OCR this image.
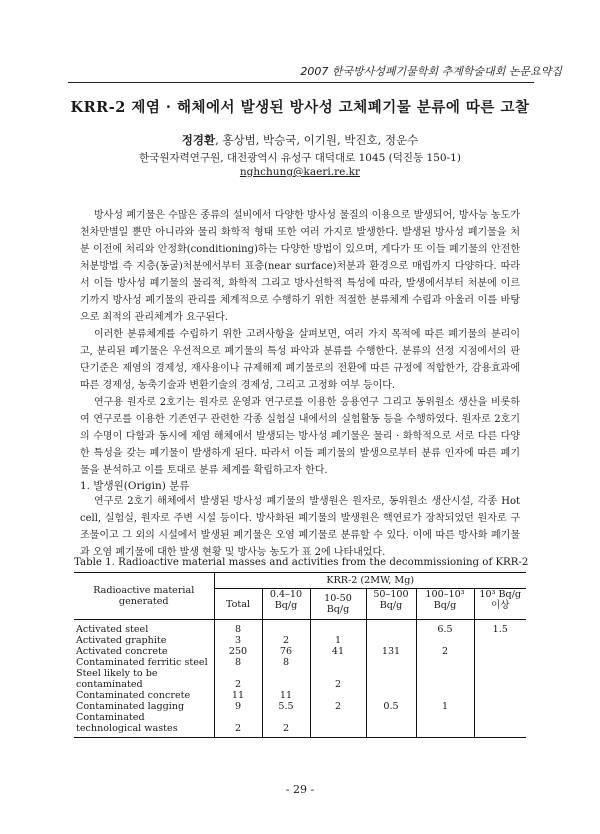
2007 한국방사성폐기물학회 추계학술대회 논문요약집
KRR-2 제염 · 해체에서 발생된 방사성 고체폐기물 분류에 따른 고찰
정경환, 홍상범, 박승국, 이기원, 박진호, 정운수
한국원자력연구원, 대전광역시 유성구 대덕대로 1045 (덕진동 150-1)
nghchung@kaeri.re.kr

방사성 폐기물은 수많은 종류의 설비에서 다양한 방사성 물질의 이용으로 발생되어, 방사능 농도가 천차만별일 뿐만 아니라와 물리 화학적 형태 또한 여러 가지로 발생한다. 발생된 방사성 폐기물을 처분 이전에 처리와 안정화(conditioning)하는 다양한 방법이 있으며, 게다가 또 이들 폐기물의 안전한 처분방법 즉 지층(동굴)처분에서부터 표층(near surface)처분과 환경으로 매립까지 다양하다. 따라서 이들 방사성 폐기물의 물리적, 화학적 그리고 방사선학적 특성에 따라, 발생에서부터 처분에 이르기까지 방사성 폐기물의 관리를 체계적으로 수행하기 위한 적절한 분류체계 수립과 아울러 이를 바탕으로 최적의 관리체계가 요구된다.

이러한 분류체계를 수립하기 위한 고려사항을 살펴보면, 여러 가지 목적에 따른 폐기물의 분리이고, 분리된 폐기물은 우선적으로 폐기물의 특성 파악과 분류를 수행한다. 분류의 선정 지점에서의 판단기준은 제염의 경제성, 재사용이나 규제해제 폐기물로의 전환에 따른 규정에 적합한가, 감용효과에 따른 경제성, 농축기술과 변환기술의 경제성, 그리고 고정화 여부 등이다.

연구용 원자로 2호기는 원자로 운영과 연구로를 이용한 응용연구 그리고 동위원소 생산을 비롯하여 연구로를 이용한 기존연구 관련한 각종 실험실 내에서의 실험활동 등을 수행하였다. 원자로 2호기의 수명이 다함과 동시에 제염 해체에서 발생되는 방사성 폐기물은 물리 · 화학적으로 서로 다른 다양한 특성을 갖는 폐기물이 발생하게 된다. 따라서 이들 폐기물의 발생으로부터 분류 인자에 따른 폐기물을 분석하고 이를 토대로 분류 체계를 확립하고자 한다.

1. 발생원(Origin) 분류

연구로 2호기 해체에서 발생된 방사성 폐기물의 발생원은 원자로, 동위원소 생산시설, 각종 Hot cell, 실험실, 원자로 주변 시설 등이다. 방사화된 폐기물의 발생원은 핵연료가 장착되었던 원자로 구조물이고 그 외의 시설에서 발생된 폐기물은 오염 폐기물로 분류할 수 있다. 이에 따른 방사화 폐기물과 오염 폐기물에 대한 발생 현황 및 방사능 농도가 표 2에 나타내었다.

Table 1. Radioactive material masses and activities from the decommissioning of KRR-2
Radioactive material generated	KRR-2 (2MW, Mg)					
	Total	0.4–10 Bq/g	10-50 Bq/g	50–100 Bq/g	100–10³ Bq/g	10³ Bq/g 이상
Activated steel	8				6.5	1.5
Activated graphite	3	2	1			
Activated concrete	250	76	41	131	2	
Contaminated ferritic steel	8	8				
Steel likely to be contaminated	2		2			
Contaminated concrete	11	11				
Contaminated lagging	9	5.5	2	0.5	1	
Contaminated technological wastes	2	2				
- 29 -
